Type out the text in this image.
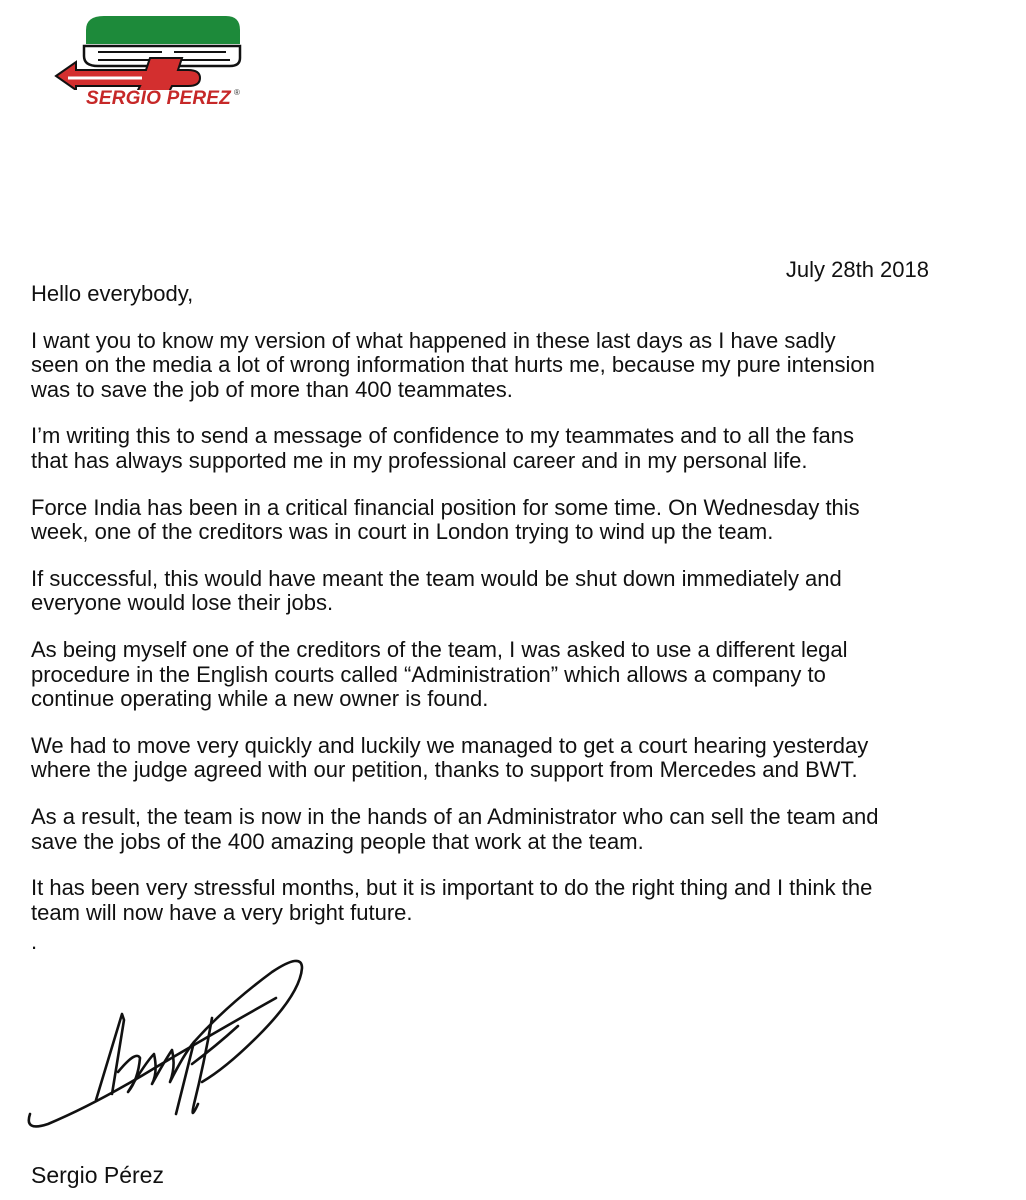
SERGIO PEREZ ®
July 28th 2018

Hello everybody,

I want you to know my version of what happened in these last days as I have sadly
seen on the media a lot of wrong information that hurts me, because my pure intension
was to save the job of more than 400 teammates.

I’m writing this to send a message of confidence to my teammates and to all the fans
that has always supported me in my professional career and in my personal life.

Force India has been in a critical financial position for some time. On Wednesday this
week, one of the creditors was in court in London trying to wind up the team.

If successful, this would have meant the team would be shut down immediately and
everyone would lose their jobs.

As being myself one of the creditors of the team, I was asked to use a different legal
procedure in the English courts called “Administration” which allows a company to
continue operating while a new owner is found.

We had to move very quickly and luckily we managed to get a court hearing yesterday
where the judge agreed with our petition, thanks to support from Mercedes and BWT.

As a result, the team is now in the hands of an Administrator who can sell the team and
save the jobs of the 400 amazing people that work at the team.

It has been very stressful months, but it is important to do the right thing and I think the
team will now have a very bright future.

.

Sergio Pérez
